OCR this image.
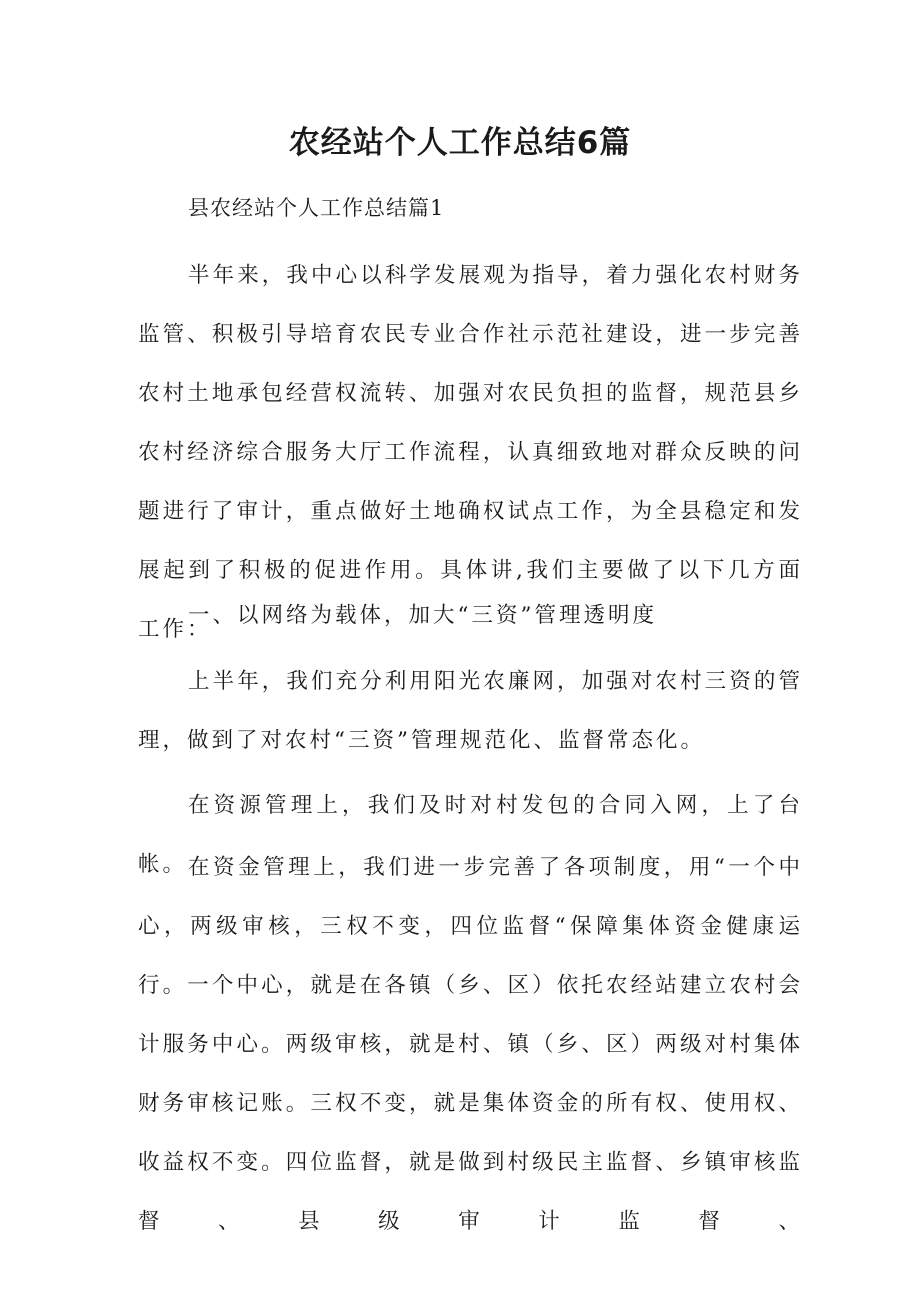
农经站个人工作总结6篇

县农经站个人工作总结篇1

半年来，我中心以科学发展观为指导，着力强化农村财务监管、积极引导培育农民专业合作社示范社建设，进一步完善农村土地承包经营权流转、加强对农民负担的监督，规范县乡农村经济综合服务大厅工作流程，认真细致地对群众反映的问题进行了审计，重点做好土地确权试点工作，为全县稳定和发展起到了积极的促进作用。具体讲,我们主要做了以下几方面工作：

一、以网络为载体，加大“三资”管理透明度

上半年，我们充分利用阳光农廉网，加强对农村三资的管理，做到了对农村“三资”管理规范化、监督常态化。

在资源管理上，我们及时对村发包的合同入网，上了台帐。 在资金管理上，我们进一步完善了各项制度，用“一个中心，两级审核，三权不变，四位监督“保障集体资金健康运行。一个中心，就是在各镇（乡、区）依托农经站建立农村会计服务中心。两级审核，就是村、镇（乡、区）两级对村集体财务审核记账。三权不变，就是集体资金的所有权、使用权、收益权不变。四位监督，就是做到村级民主监督、乡镇审核监督、县级审计监督、
